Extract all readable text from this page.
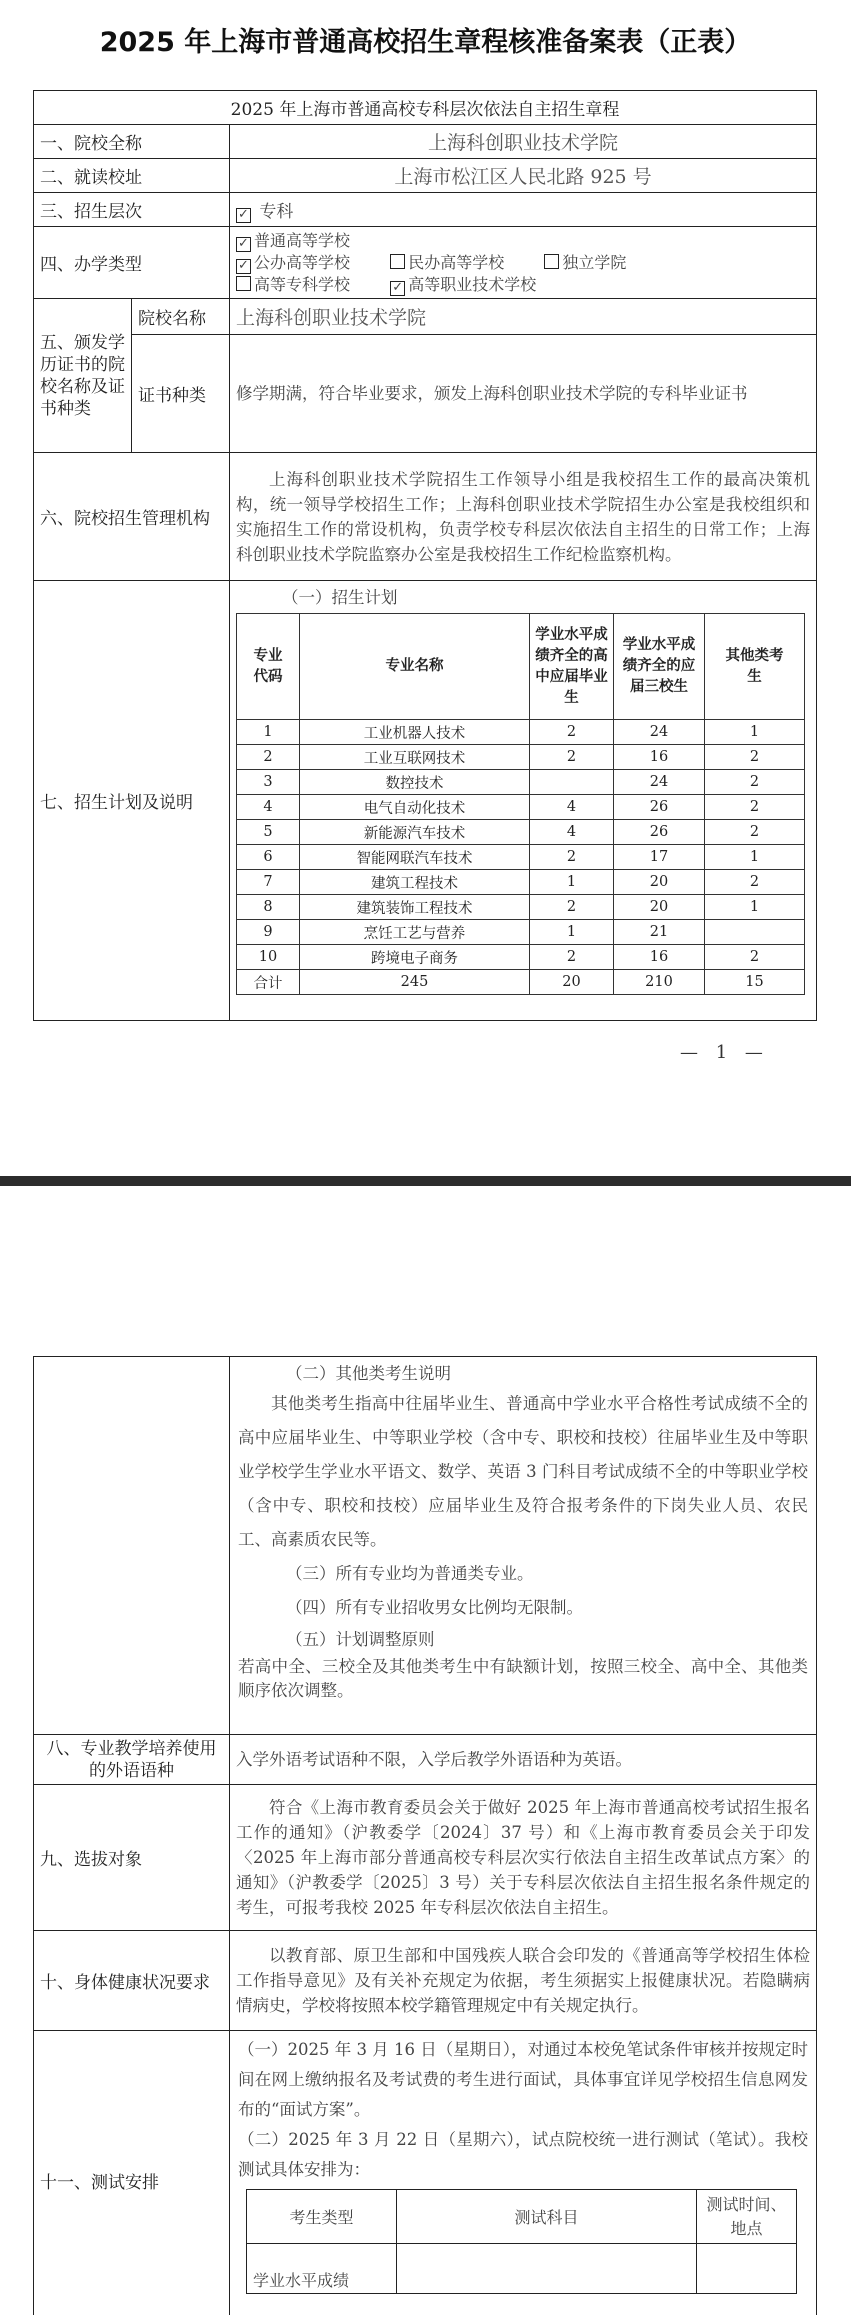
2025 年上海市普通高校招生章程核准备案表（正表）
2025 年上海市普通高校专科层次依法自主招生章程
一、院校全称	上海科创职业技术学院
二、就读校址	上海市松江区人民北路 925 号
三、招生层次	✓ 专科
四、办学类型	
✓ 普通高等学校
✓ 公办高等学校	民办高等学校	独立学院
高等专科学校	✓ 高等职业技术学校

五、颁发学历证书的院校名称及证书种类	院校名称	上海科创职业技术学院
证书种类	修学期满，符合毕业要求，颁发上海科创职业技术学院的专科毕业证书
六、院校招生管理机构	上海科创职业技术学院招生工作领导小组是我校招生工作的最高决策机构，统一领导学校招生工作；上海科创职业技术学院招生办公室是我校组织和实施招生工作的常设机构，负责学校专科层次依法自主招生的日常工作；上海科创职业技术学院监察办公室是我校招生工作纪检监察机构。
七、招生计划及说明	
（一）招生计划
专业代码	专业名称	学业水平成绩齐全的高中应届毕业生	学业水平成绩齐全的应届三校生	其他类考生
1	工业机器人技术	2	24	1
2	工业互联网技术	2	16	2
3	数控技术		24	2
4	电气自动化技术	4	26	2
5	新能源汽车技术	4	26	2
6	智能网联汽车技术	2	17	1
7	建筑工程技术	1	20	2
8	建筑装饰工程技术	2	20	1
9	烹饪工艺与营养	1	21	
10	跨境电子商务	2	16	2
合计	245	20	210	15
— 1 —

（二）其他类考生说明
其他类考生指高中往届毕业生、普通高中学业水平合格性考试成绩不全的高中应届毕业生、中等职业学校（含中专、职校和技校）往届毕业生及中等职业学校学生学业水平语文、数学、英语 3 门科目考试成绩不全的中等职业学校（含中专、职校和技校）应届毕业生及符合报考条件的下岗失业人员、农民工、高素质农民等。
（三）所有专业均为普通类专业。
（四）所有专业招收男女比例均无限制。
（五）计划调整原则
若高中全、三校全及其他类考生中有缺额计划，按照三校全、高中全、其他类顺序依次调整。

八、专业教学培养使用的外语语种	入学外语考试语种不限，入学后教学外语语种为英语。
九、选拔对象	符合《上海市教育委员会关于做好 2025 年上海市普通高校考试招生报名工作的通知》（沪教委学〔2024〕37 号）和《上海市教育委员会关于印发〈2025 年上海市部分普通高校专科层次实行依法自主招生改革试点方案〉的通知》（沪教委学〔2025〕3 号）关于专科层次依法自主招生报名条件规定的考生，可报考我校 2025 年专科层次依法自主招生。
十、身体健康状况要求	以教育部、原卫生部和中国残疾人联合会印发的《普通高等学校招生体检工作指导意见》及有关补充规定为依据，考生须据实上报健康状况。若隐瞒病情病史，学校将按照本校学籍管理规定中有关规定执行。
十一、测试安排	
（一）2025 年 3 月 16 日（星期日），对通过本校免笔试条件审核并按规定时间在网上缴纳报名及考试费的考生进行面试，具体事宜详见学校招生信息网发布的“面试方案”。
（二）2025 年 3 月 22 日（星期六），试点院校统一进行测试（笔试）。我校测试具体安排为：
考生类型	测试科目	测试时间、地点
学业水平成绩		
